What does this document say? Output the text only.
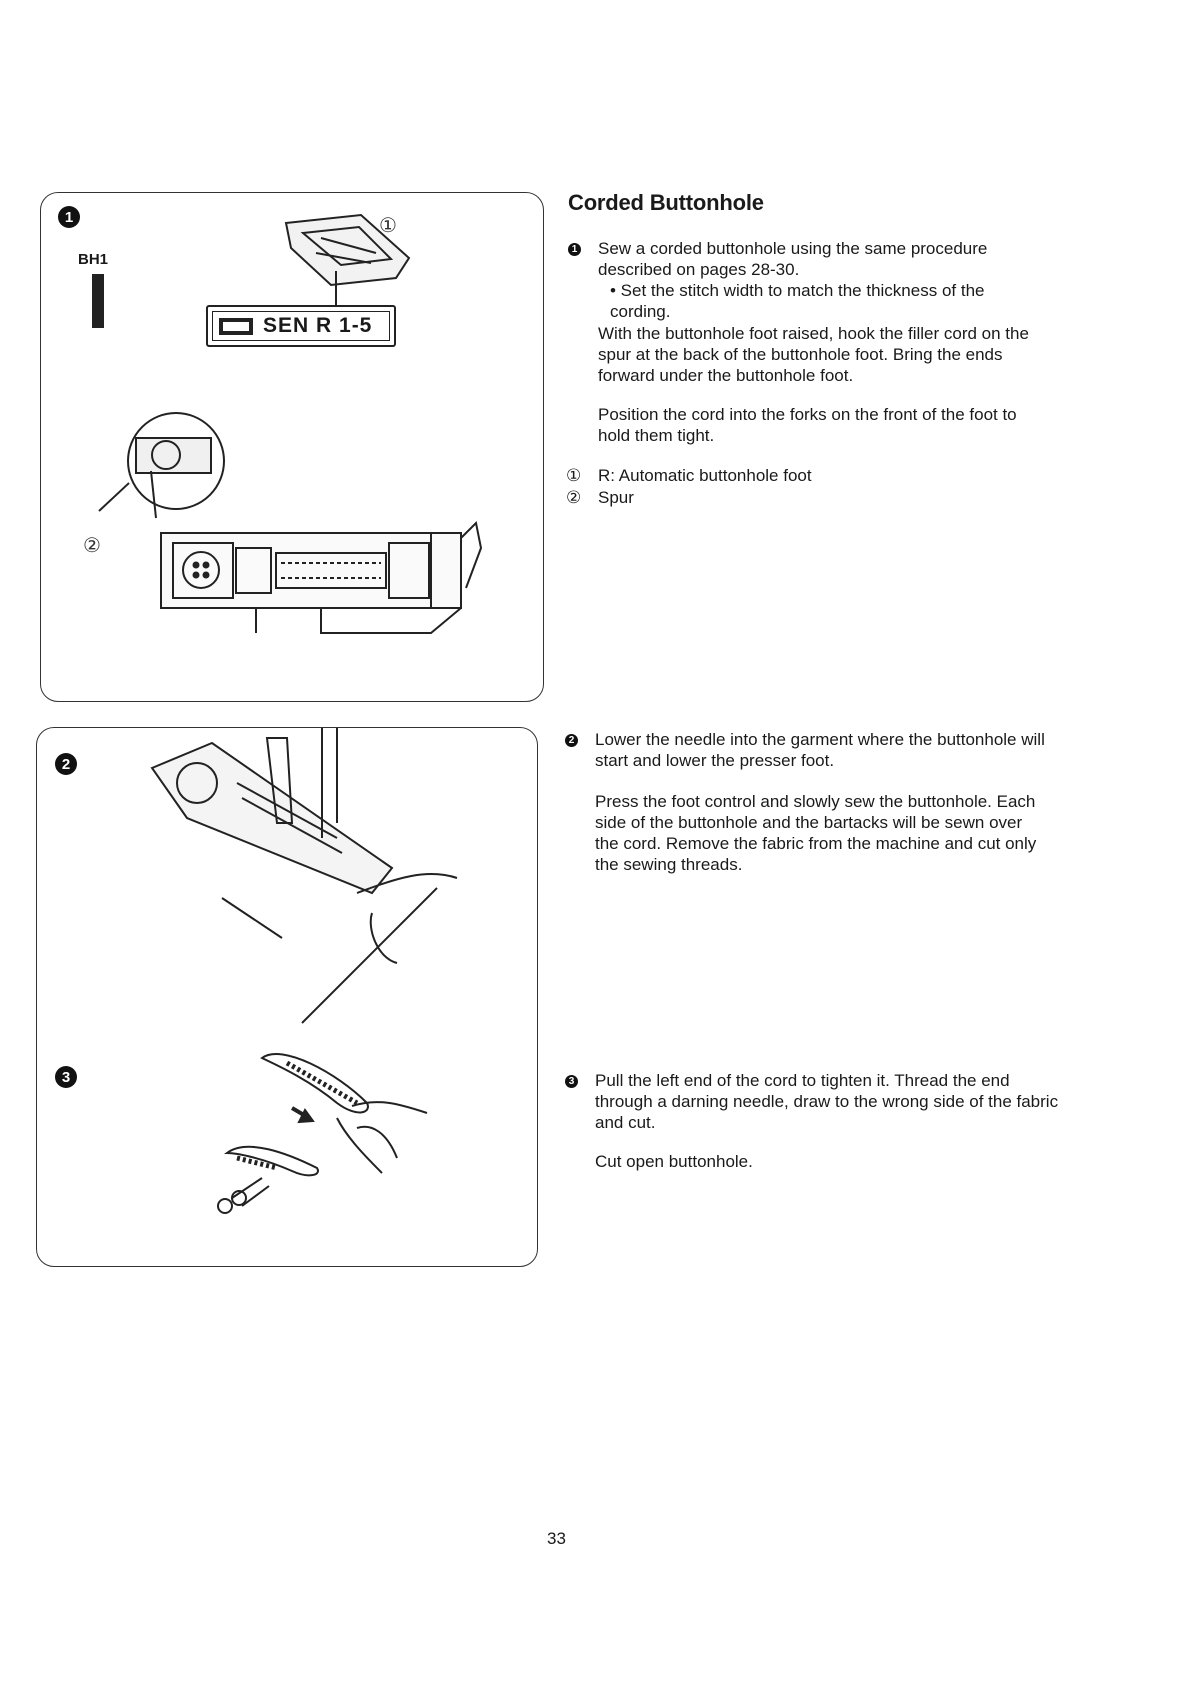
1
BH1
①
②
SEN R 1-5
2
3
Corded Buttonhole
1 Sew a corded buttonhole using the same procedure described on pages 28-30.
• Set the stitch width to match the thickness of the cording.
With the buttonhole foot raised, hook the filler cord on the spur at the back of the buttonhole foot. Bring the ends forward under the buttonhole foot.
Position the cord into the forks on the front of the foot to hold them tight.
① R: Automatic buttonhole foot
② Spur
2 Lower the needle into the garment where the buttonhole will start and lower the presser foot.
Press the foot control and slowly sew the buttonhole. Each side of the buttonhole and the bartacks will be sewn over the cord. Remove the fabric from the machine and cut only the sewing threads.
3 Pull the left end of the cord to tighten it. Thread the end through a darning needle, draw to the wrong side of the fabric and cut.
Cut open buttonhole.
33
